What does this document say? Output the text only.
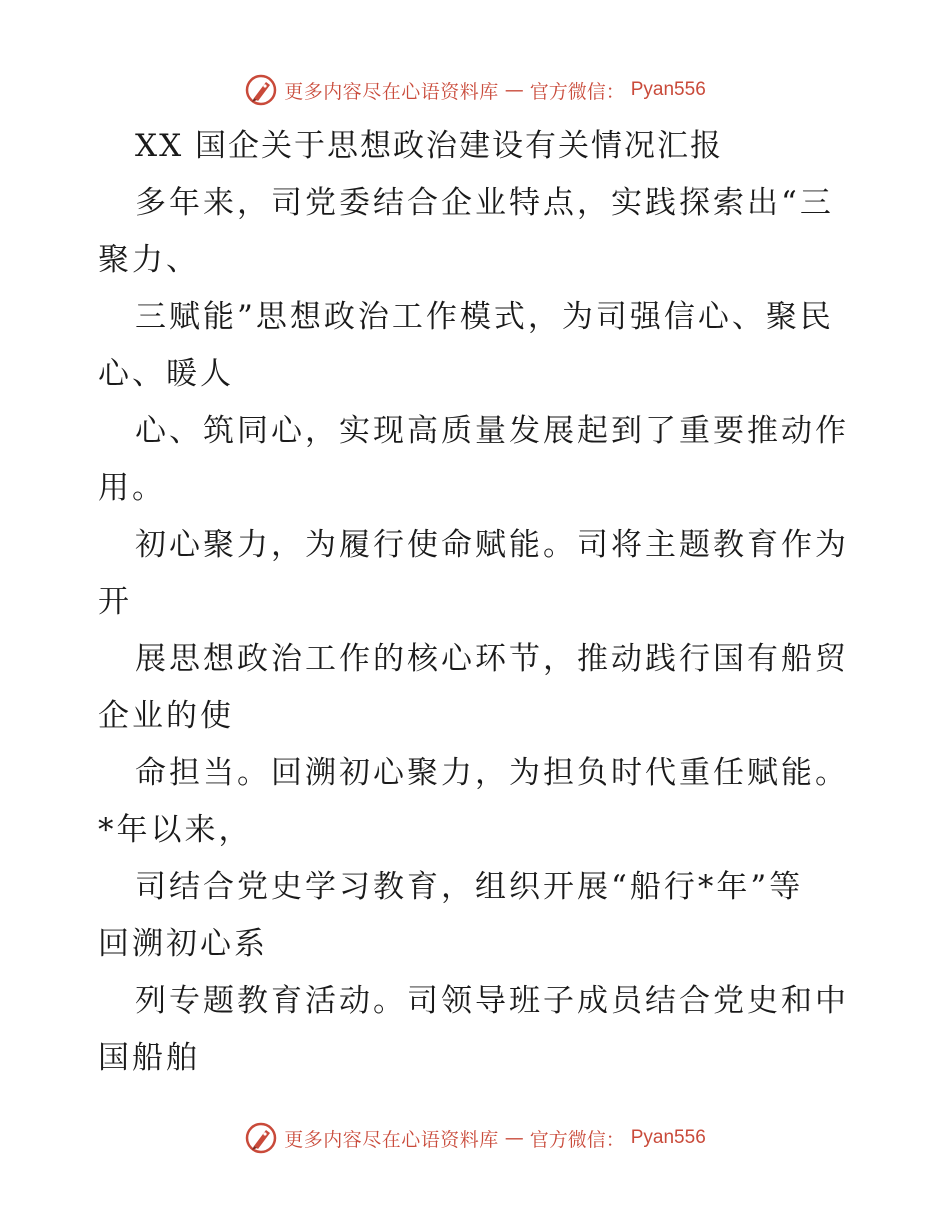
更多内容尽在心语资料库 — 官方微信： Pyan556
XX 国企关于思想政治建设有关情况汇报
多年来，司党委结合企业特点，实践探索出“三
聚力、
三赋能”思想政治工作模式，为司强信心、聚民
心、暖人
心、筑同心，实现高质量发展起到了重要推动作
用。
初心聚力，为履行使命赋能。司将主题教育作为
开
展思想政治工作的核心环节，推动践行国有船贸
企业的使
命担当。回溯初心聚力，为担负时代重任赋能。
*年以来，
司结合党史学习教育，组织开展“船行*年”等
回溯初心系
列专题教育活动。司领导班子成员结合党史和中
国船舶
更多内容尽在心语资料库 — 官方微信： Pyan556
